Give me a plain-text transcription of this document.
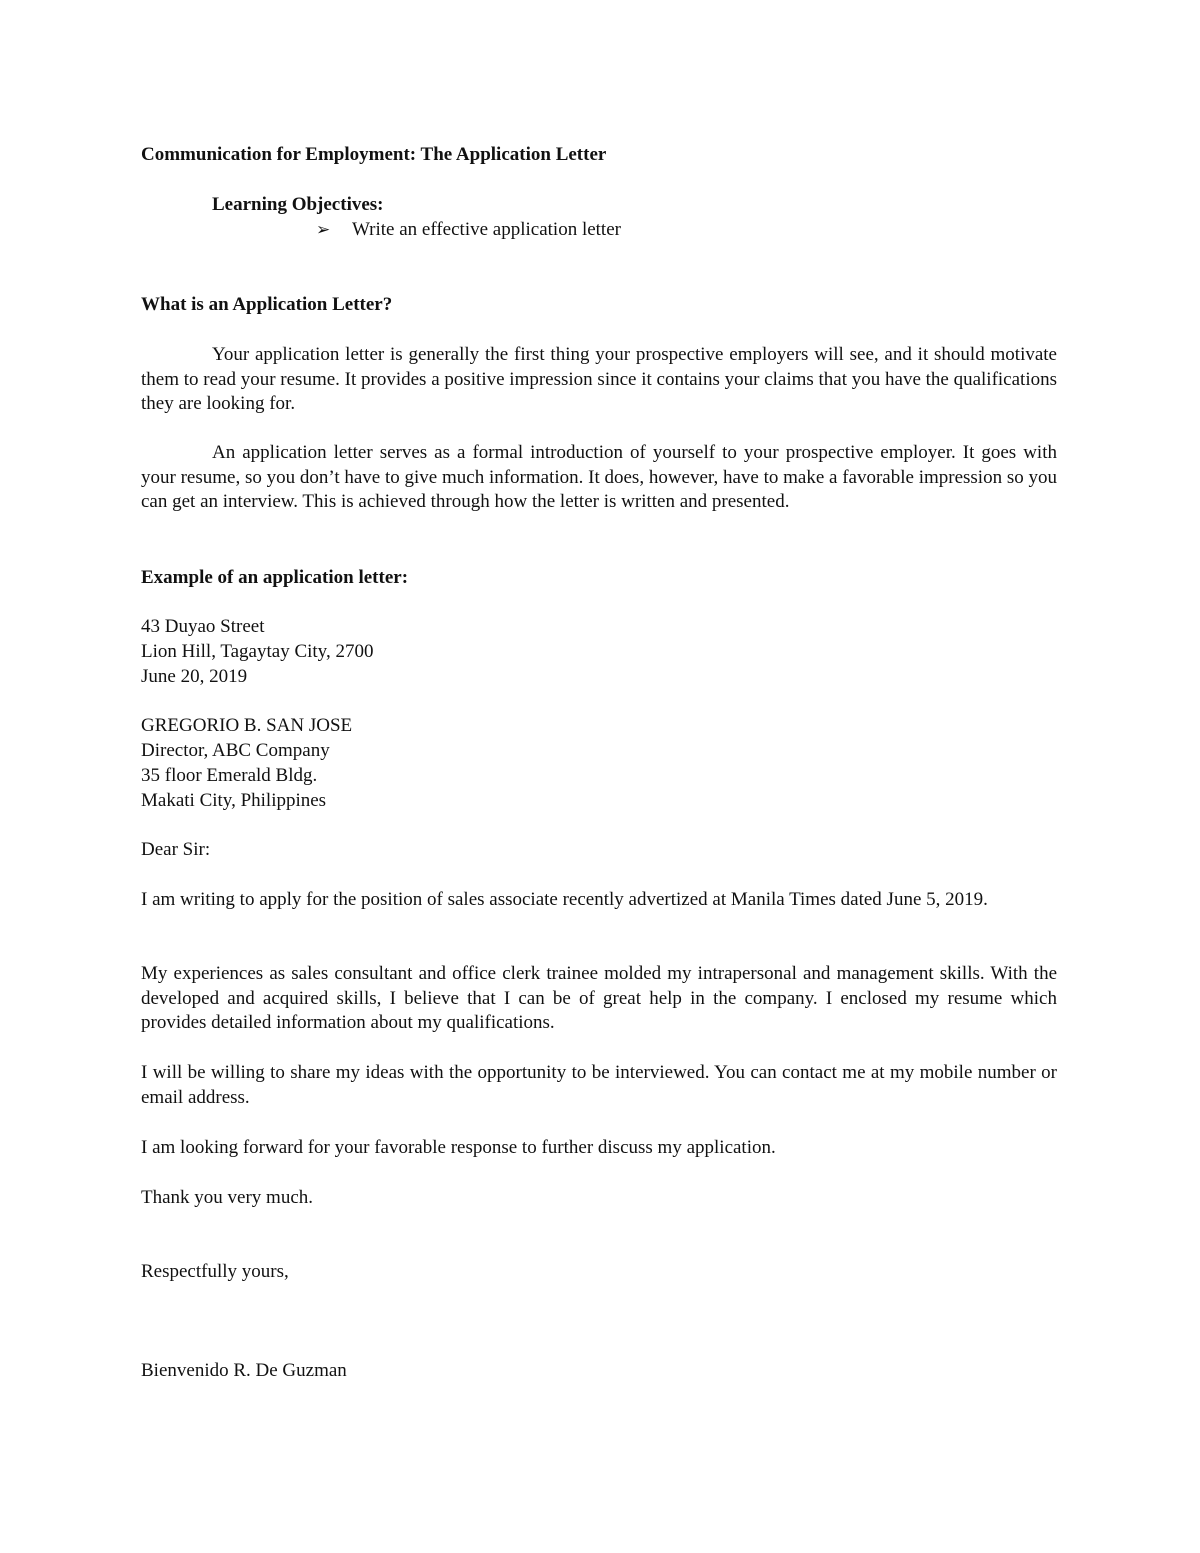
Communication for Employment: The Application Letter
Learning Objectives:
➢ Write an effective application letter
What is an Application Letter?

Your application letter is generally the first thing your prospective employers will see, and it should motivate them to read your resume. It provides a positive impression since it contains your claims that you have the qualifications they are looking for.

An application letter serves as a formal introduction of yourself to your prospective employer. It goes with your resume, so you don’t have to give much information. It does, however, have to make a favorable impression so you can get an interview. This is achieved through how the letter is written and presented.

Example of an application letter:
43 Duyao Street
Lion Hill, Tagaytay City, 2700
June 20, 2019
GREGORIO B. SAN JOSE
Director, ABC Company
35 floor Emerald Bldg.
Makati City, Philippines
Dear Sir:

I am writing to apply for the position of sales associate recently advertized at Manila Times dated June 5, 2019.

My experiences as sales consultant and office clerk trainee molded my intrapersonal and management skills. With the developed and acquired skills, I believe that I can be of great help in the company. I enclosed my resume which provides detailed information about my qualifications.

I will be willing to share my ideas with the opportunity to be interviewed. You can contact me at my mobile number or email address.

I am looking forward for your favorable response to further discuss my application.

Thank you very much.
Respectfully yours,
Bienvenido R. De Guzman
